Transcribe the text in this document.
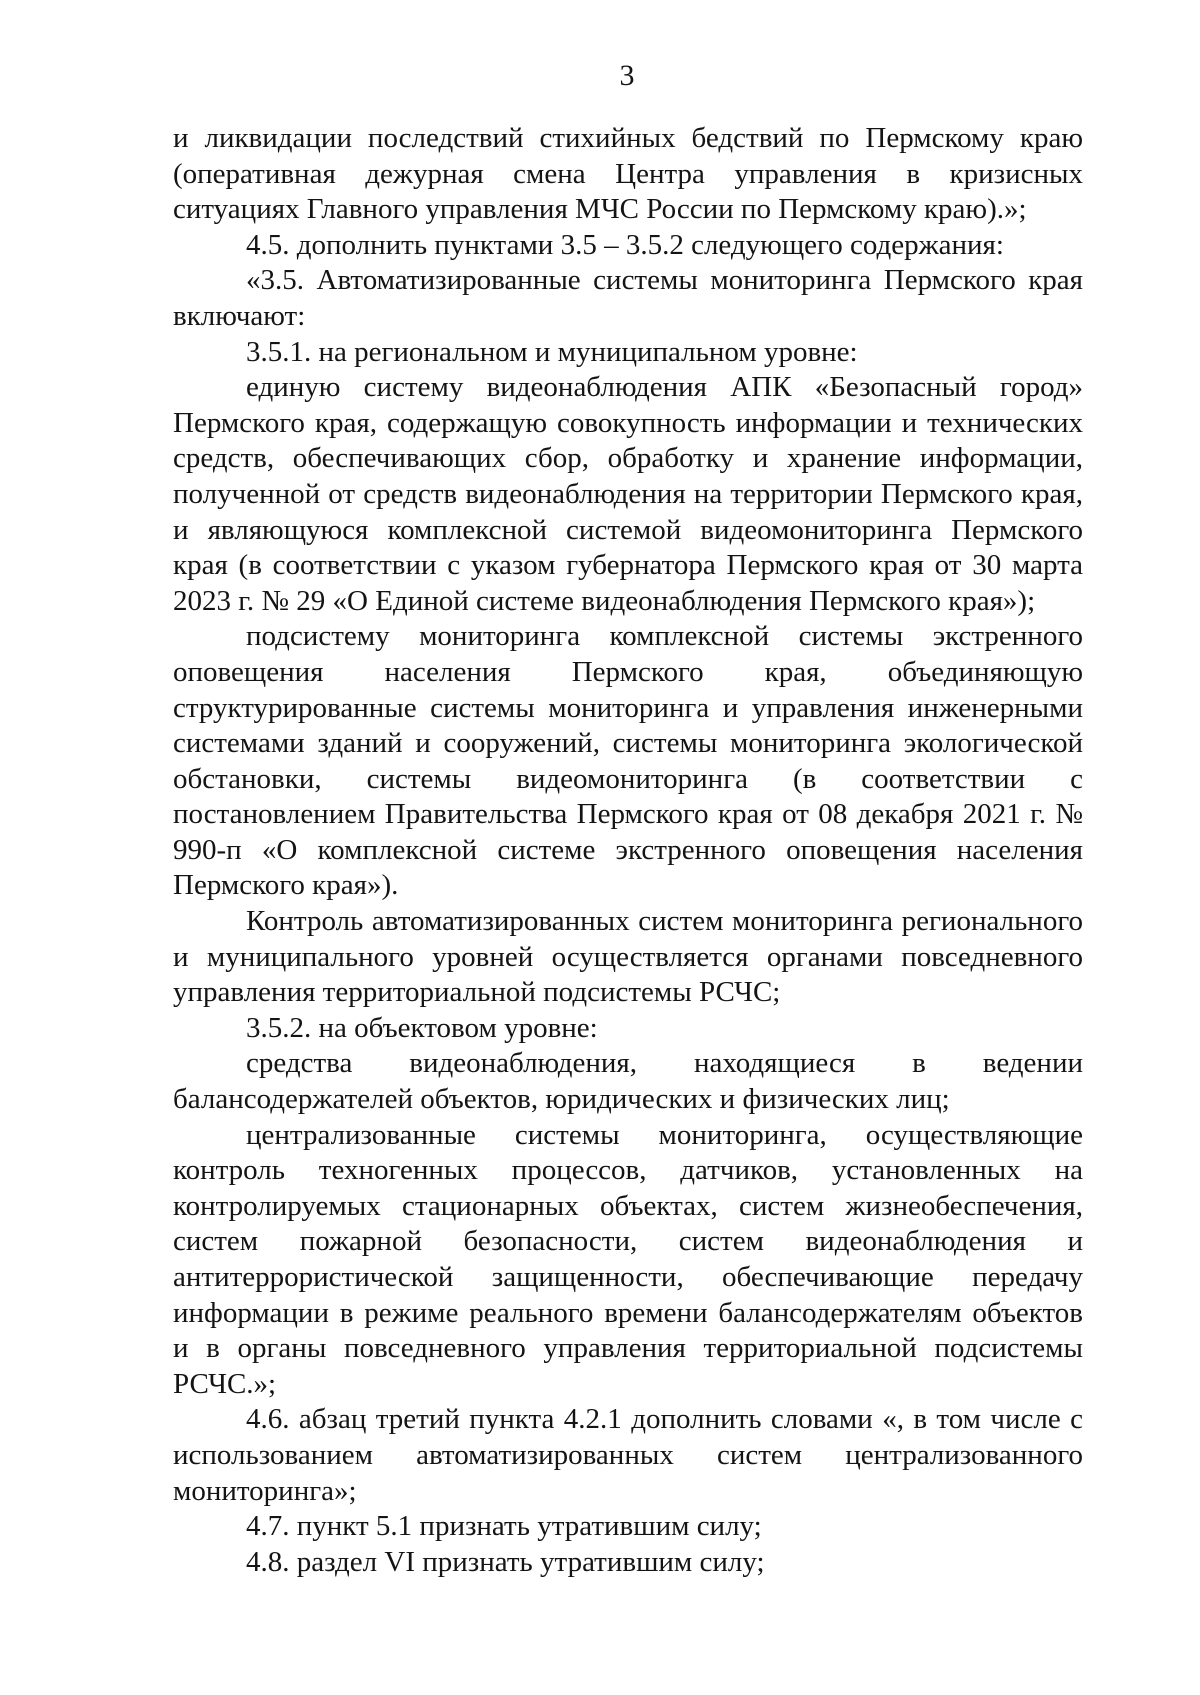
3

и ликвидации последствий стихийных бедствий по Пермскому краю (оперативная дежурная смена Центра управления в кризисных ситуациях Главного управления МЧС России по Пермскому краю).»;

4.5. дополнить пунктами 3.5 – 3.5.2 следующего содержания:

«3.5. Автоматизированные системы мониторинга Пермского края включают:

3.5.1. на региональном и муниципальном уровне:

единую систему видеонаблюдения АПК «Безопасный город» Пермского края, содержащую совокупность информации и технических средств, обеспечивающих сбор, обработку и хранение информации, полученной от средств видеонаблюдения на территории Пермского края, и являющуюся комплексной системой видеомониторинга Пермского края (в соответствии с указом губернатора Пермского края от 30 марта 2023 г. № 29 «О Единой системе видеонаблюдения Пермского края»);

подсистему мониторинга комплексной системы экстренного оповещения населения Пермского края, объединяющую структурированные системы мониторинга и управления инженерными системами зданий и сооружений, системы мониторинга экологической обстановки, системы видеомониторинга (в соответствии с постановлением Правительства Пермского края от 08 декабря 2021 г. № 990-п «О комплексной системе экстренного оповещения населения Пермского края»).

Контроль автоматизированных систем мониторинга регионального и муниципального уровней осуществляется органами повседневного управления территориальной подсистемы РСЧС;

3.5.2. на объектовом уровне:

средства видеонаблюдения, находящиеся в ведении балансодержателей объектов, юридических и физических лиц;

централизованные системы мониторинга, осуществляющие контроль техногенных процессов, датчиков, установленных на контролируемых стационарных объектах, систем жизнеобеспечения, систем пожарной безопасности, систем видеонаблюдения и антитеррористической защищенности, обеспечивающие передачу информации в режиме реального времени балансодержателям объектов и в органы повседневного управления территориальной подсистемы РСЧС.»;

4.6. абзац третий пункта 4.2.1 дополнить словами «, в том числе с использованием автоматизированных систем централизованного мониторинга»;

4.7. пункт 5.1 признать утратившим силу;

4.8. раздел VI признать утратившим силу;
